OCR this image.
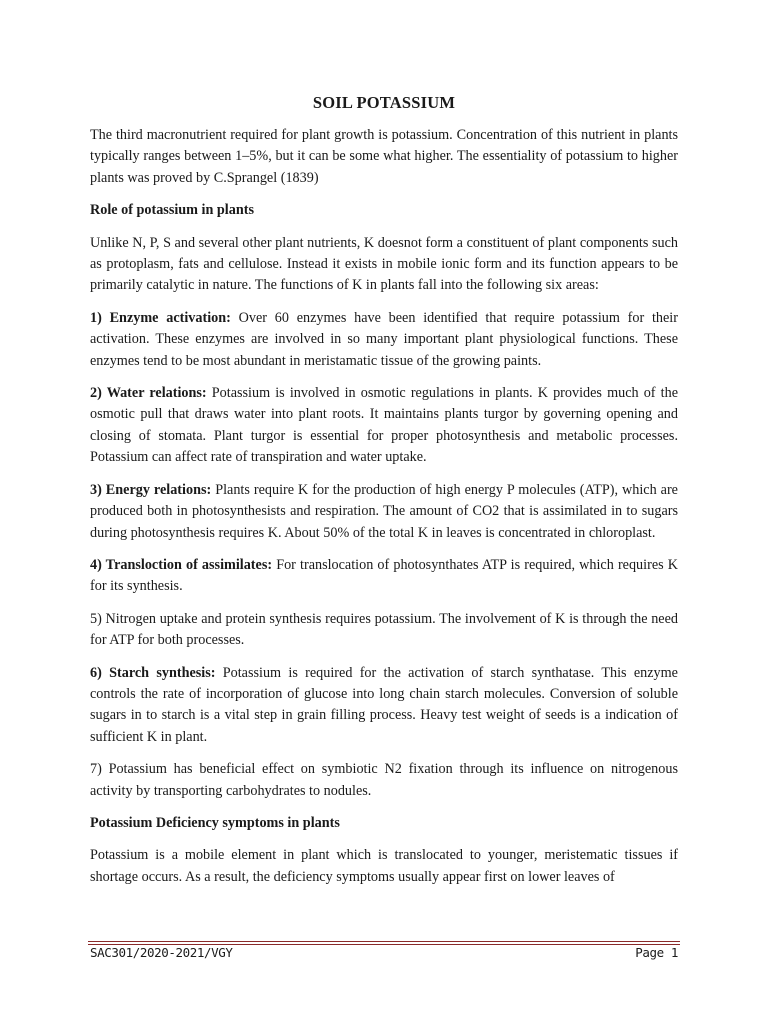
SOIL POTASSIUM

The third macronutrient required for plant growth is potassium. Concentration of this nutrient in plants typically ranges between 1–5%, but it can be some what higher. The essentiality of potassium to higher plants was proved by C.Sprangel (1839)

Role of potassium in plants

Unlike N, P, S and several other plant nutrients, K doesnot form a constituent of plant components such as protoplasm, fats and cellulose. Instead it exists in mobile ionic form and its function appears to be primarily catalytic in nature. The functions of K in plants fall into the following six areas:

1) Enzyme activation: Over 60 enzymes have been identified that require potassium for their activation. These enzymes are involved in so many important plant physiological functions. These enzymes tend to be most abundant in meristamatic tissue of the growing paints.

2) Water relations: Potassium is involved in osmotic regulations in plants. K provides much of the osmotic pull that draws water into plant roots. It maintains plants turgor by governing opening and closing of stomata. Plant turgor is essential for proper photosynthesis and metabolic processes. Potassium can affect rate of transpiration and water uptake.

3) Energy relations: Plants require K for the production of high energy P molecules (ATP), which are produced both in photosynthesists and respiration. The amount of CO2 that is assimilated in to sugars during photosynthesis requires K. About 50% of the total K in leaves is concentrated in chloroplast.

4) Transloction of assimilates: For translocation of photosynthates ATP is required, which requires K for its synthesis.

5) Nitrogen uptake and protein synthesis requires potassium. The involvement of K is through the need for ATP for both processes.

6) Starch synthesis: Potassium is required for the activation of starch synthatase. This enzyme controls the rate of incorporation of glucose into long chain starch molecules. Conversion of soluble sugars in to starch is a vital step in grain filling process. Heavy test weight of seeds is a indication of sufficient K in plant.

7) Potassium has beneficial effect on symbiotic N2 fixation through its influence on nitrogenous activity by transporting carbohydrates to nodules.

Potassium Deficiency symptoms in plants

Potassium is a mobile element in plant which is translocated to younger, meristematic tissues if shortage occurs. As a result, the deficiency symptoms usually appear first on lower leaves of

SAC301/2020-2021/VGY	Page 1
